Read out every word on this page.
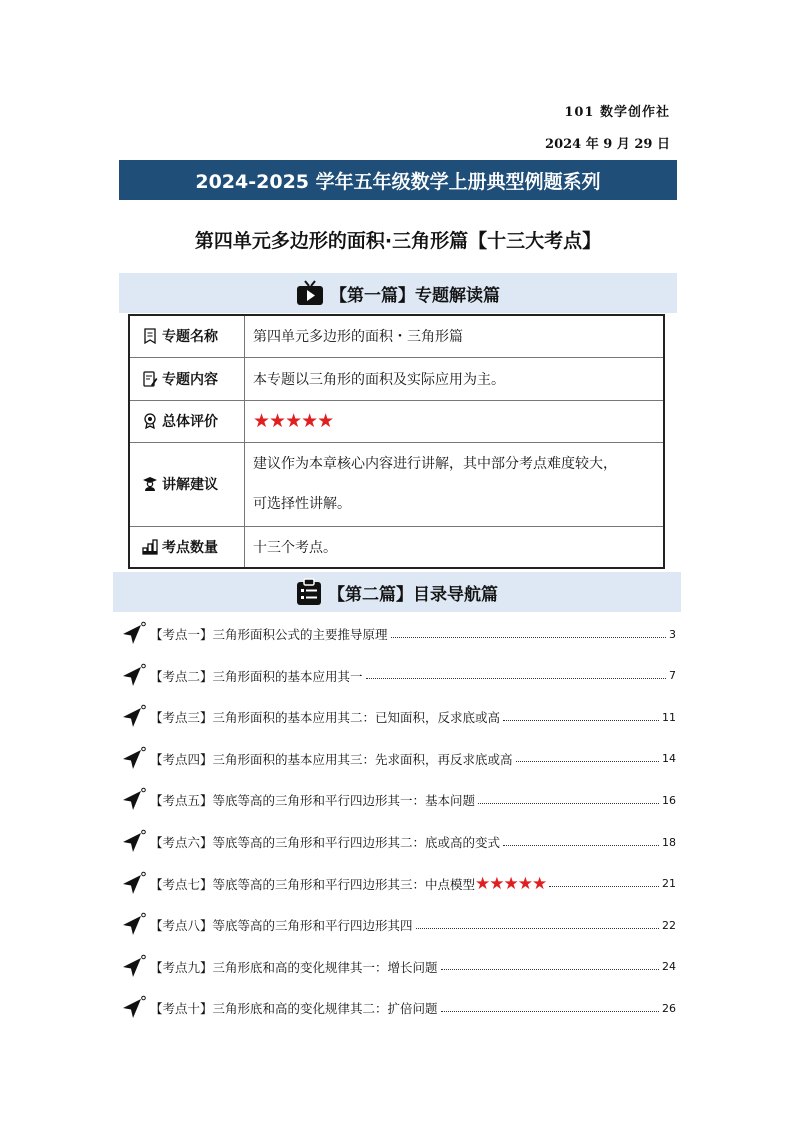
101 数学创作社
2024 年 9 月 29 日
2024-2025 学年五年级数学上册典型例题系列
第四单元多边形的面积·三角形篇【十三大考点】
【第一篇】专题解读篇
专题名称	第四单元多边形的面积・三角形篇
专题内容	本专题以三角形的面积及实际应用为主。
总体评价	★★★★★
讲解建议	建议作为本章核心内容进行讲解，其中部分考点难度较大，
可选择性讲解。

考点数量	十三个考点。
【第二篇】目录导航篇
【考点一】三角形面积公式的主要推导原理	3
【考点二】三角形面积的基本应用其一	7
【考点三】三角形面积的基本应用其二：已知面积，反求底或高	11
【考点四】三角形面积的基本应用其三：先求面积，再反求底或高	14
【考点五】等底等高的三角形和平行四边形其一：基本问题	16
【考点六】等底等高的三角形和平行四边形其二：底或高的变式	18
【考点七】等底等高的三角形和平行四边形其三：中点模型 ★★★★★	21
【考点八】等底等高的三角形和平行四边形其四	22
【考点九】三角形底和高的变化规律其一：增长问题	24
【考点十】三角形底和高的变化规律其二：扩倍问题	26
